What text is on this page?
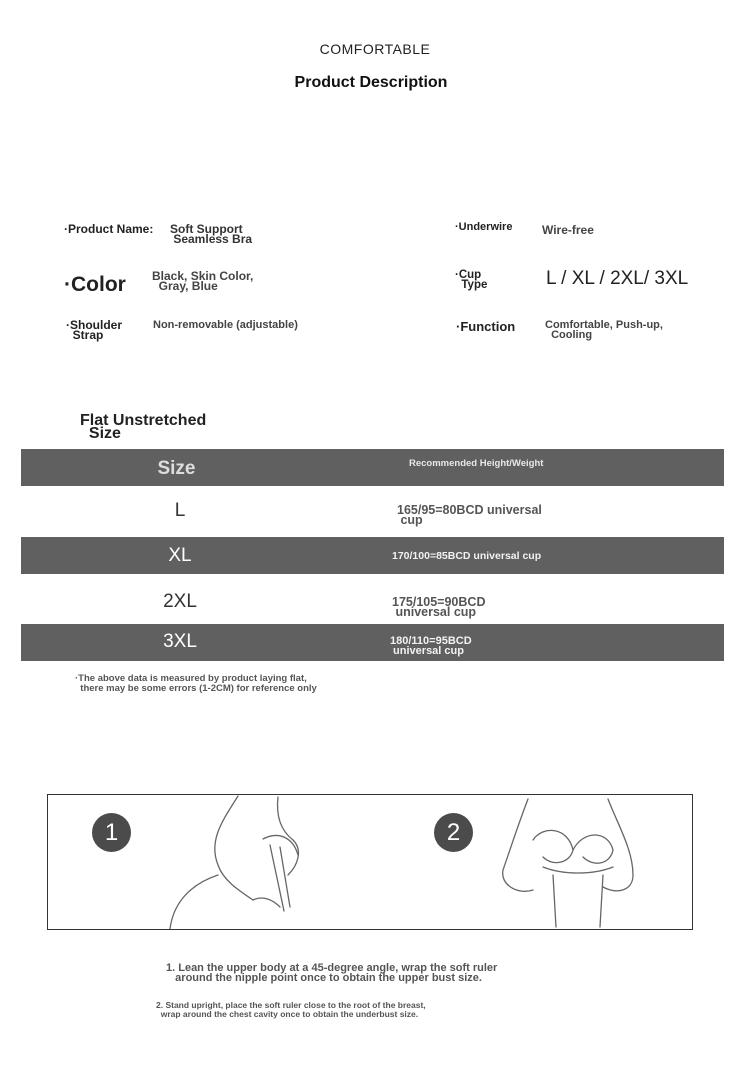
COMFORTABLE
Product Description
·Product Name: Soft Support
Seamless Bra
·Underwire Wire-free
·Color Black, Skin Color,
Gray, Blue
·Cup
Type	L / XL / 2XL/ 3XL
·Shoulder
Strap
Non-removable (adjustable)	·Function	Comfortable, Push-up,
Cooling
Flat Unstretched
Size
Size	Recommended Height/Weight
L	165/95=80BCD universal
cup
XL	170/100=85BCD universal cup
2XL	175/105=90BCD
universal cup
3XL	180/110=95BCD
universal cup
·The above data is measured by product laying flat,
there may be some errors (1-2CM) for reference only
1	2
1. Lean the upper body at a 45-degree angle, wrap the soft ruler
around the nipple point once to obtain the upper bust size.
2. Stand upright, place the soft ruler close to the root of the breast,
wrap around the chest cavity once to obtain the underbust size.
